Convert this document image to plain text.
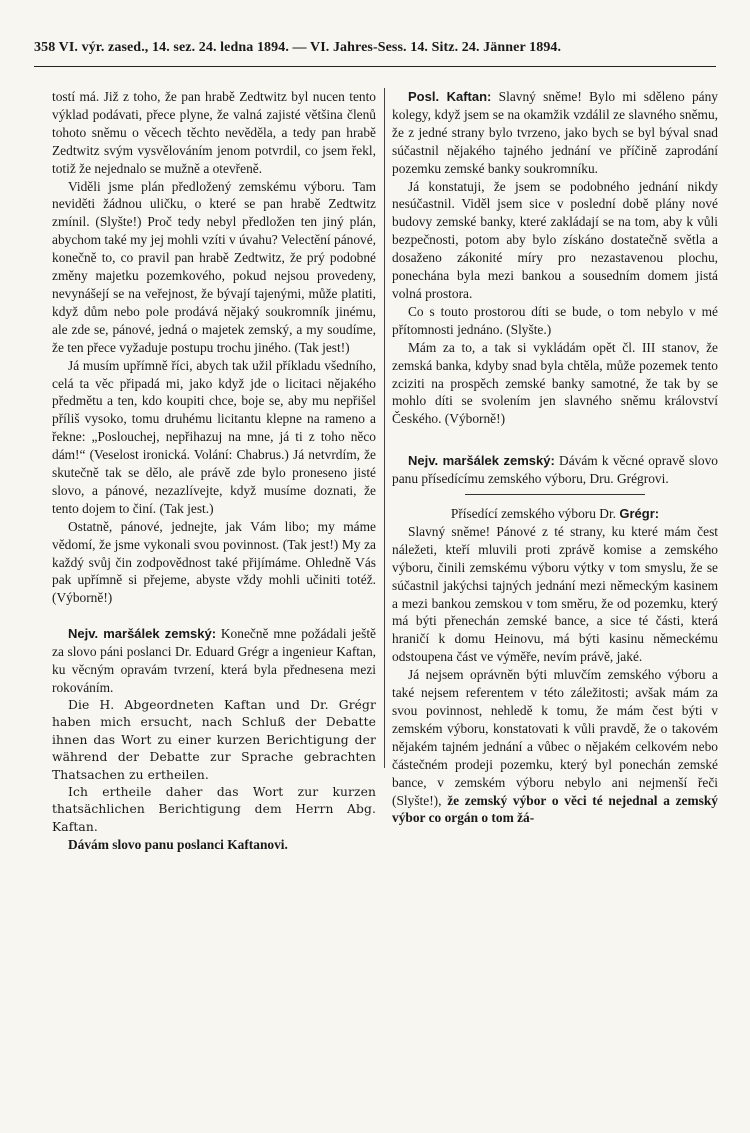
358 VI. výr. zased., 14. sez. 24. ledna 1894. — VI. Jahres-Sess. 14. Sitz. 24. Jänner 1894.

tostí má. Již z toho, že pan hrabě Zedtwitz byl nucen tento výklad podávati, přece plyne, že valná zajisté většina členů tohoto sněmu o věcech těchto nevěděla, a tedy pan hrabě Zedtwitz svým vysvělováním jenom potvrdil, co jsem řekl, totiž že nejednalo se mužně a otevřeně.

Viděli jsme plán předložený zemskému výboru. Tam neviděti žádnou uličku, o které se pan hrabě Zedtwitz zmínil. (Slyšte!) Proč tedy nebyl předložen ten jiný plán, abychom také my jej mohli vzíti v úvahu? Velectění pánové, konečně to, co pravil pan hrabě Zedtwitz, že prý podobné změny majetku pozemkového, pokud nejsou provedeny, nevynášejí se na veřejnost, že bývají tajenými, může platiti, když dům nebo pole prodává nějaký soukromník jinému, ale zde se, pánové, jedná o majetek zemský, a my soudíme, že ten přece vyžaduje postupu trochu jiného. (Tak jest!)

Já musím upřímně říci, abych tak užil příkladu všedního, celá ta věc připadá mi, jako když jde o licitaci nějakého předmětu a ten, kdo koupiti chce, boje se, aby mu nepřišel příliš vysoko, tomu druhému licitantu klepne na rameno a řekne: „Poslouchej, nepřihazuj na mne, já ti z toho něco dám!“ (Veselost ironická. Volání: Chabrus.) Já netvrdím, že skutečně tak se dělo, ale právě zde bylo proneseno jisté slovo, a pánové, nezazlívejte, když musíme doznati, že tento dojem to činí. (Tak jest.)

Ostatně, pánové, jednejte, jak Vám libo; my máme vědomí, že jsme vykonali svou povinnost. (Tak jest!) My za každý svůj čin zodpovědnost také přijímáme. Ohledně Vás pak upřímně si přejeme, abyste vždy mohli učiniti totéž. (Výborně!)

Nejv. maršálek zemský: Konečně mne požádali ještě za slovo páni poslanci Dr. Eduard Grégr a ingenieur Kaftan, ku věcným opravám tvrzení, která byla přednesena mezi rokováním.

Die H. Abgeordneten Kaftan und Dr. Grégr haben mich ersucht, nach Schluß der Debatte ihnen das Wort zu einer kurzen Berichtigung der während der Debatte zur Sprache gebrachten Thatsachen zu ertheilen.

Ich ertheile daher das Wort zur kurzen thatsächlichen Berichtigung dem Herrn Abg. Kaftan.

Dávám slovo panu poslanci Kaftanovi.

Posl. Kaftan: Slavný sněme! Bylo mi sděleno pány kolegy, když jsem se na okamžik vzdálil ze slavného sněmu, že z jedné strany bylo tvrzeno, jako bych se byl býval snad súčastnil nějakého tajného jednání ve příčině zaprodání pozemku zemské banky soukromníku.

Já konstatuji, že jsem se podobného jednání nikdy nesúčastnil. Viděl jsem sice v poslední době plány nové budovy zemské banky, které zakládají se na tom, aby k vůli bezpečnosti, potom aby bylo získáno dostatečně světla a dosaženo zákonité míry pro nezastavenou plochu, ponechána byla mezi bankou a sousedním domem jistá volná prostora.

Co s touto prostorou díti se bude, o tom nebylo v mé přítomnosti jednáno. (Slyšte.)

Mám za to, a tak si vykládám opět čl. III stanov, že zemská banka, kdyby snad byla chtěla, může pozemek tento zciziti na prospěch zemské banky samotné, že tak by se mohlo díti se svolením jen slavného sněmu království Českého. (Výborně!)

Nejv. maršálek zemský: Dávám k věcné opravě slovo panu přísedícímu zemského výboru, Dru. Grégrovi.

Přísedící zemského výboru Dr. Grégr:

Slavný sněme! Pánové z té strany, ku které mám čest náležeti, kteří mluvili proti zprávě komise a zemského výboru, činili zemskému výboru výtky v tom smyslu, že se súčastnil jakýchsi tajných jednání mezi německým kasinem a mezi bankou zemskou v tom směru, že od pozemku, který má býti přenechán zemské bance, a sice té části, která hraničí k domu Heinovu, má býti kasinu německému odstoupena část ve výměře, nevím právě, jaké.

Já nejsem oprávněn býti mluvčím zemského výboru a také nejsem referentem v této záležitosti; avšak mám za svou povinnost, nehledě k tomu, že mám čest býti v zemském výboru, konstatovati k vůli pravdě, že o takovém nějakém tajném jednání a vůbec o nějakém celkovém nebo částečném prodeji pozemku, který byl ponechán zemské bance, v zemském výboru nebylo ani nejmenší řeči (Slyšte!), že zemský výbor o věci té nejednal a zemský výbor co orgán o tom žá-
